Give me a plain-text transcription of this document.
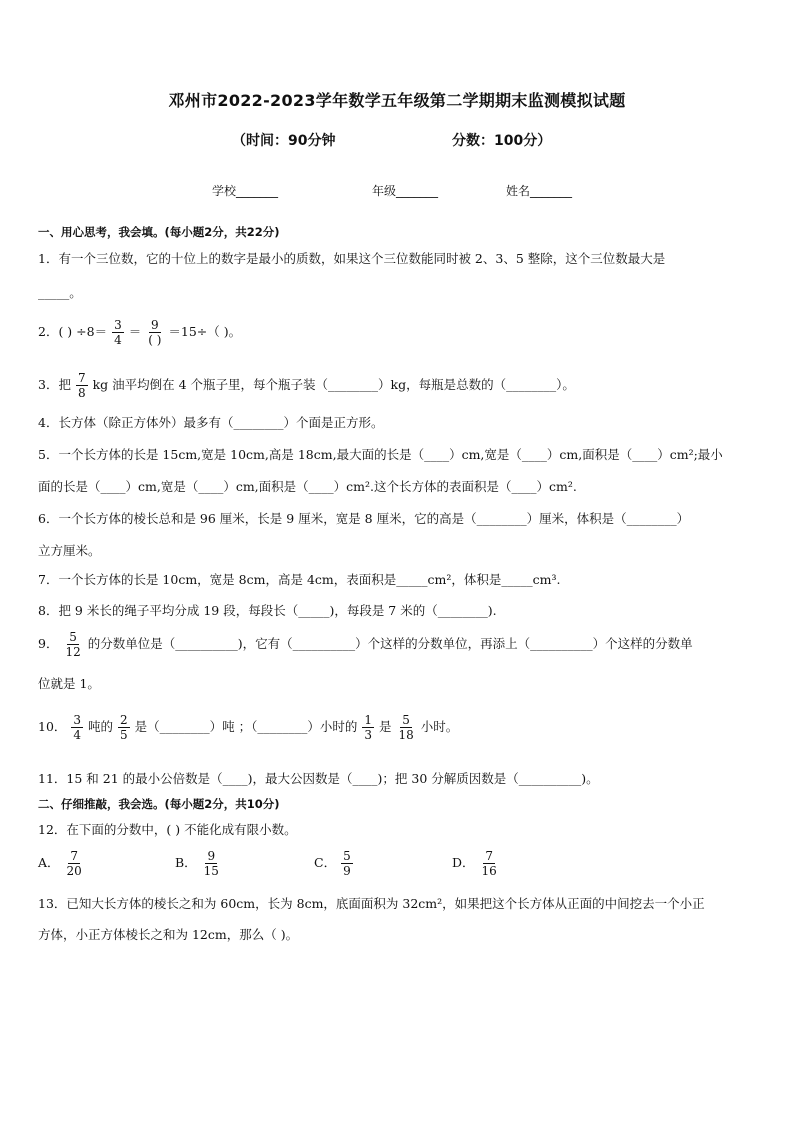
邓州市2022-2023学年数学五年级第二学期期末监测模拟试题
（时间：90分钟	分数：100分）
学校_______	年级_______	姓名_______
一、用心思考，我会填。(每小题2分，共22分)
1．有一个三位数，它的十位上的数字是最小的质数，如果这个三位数能同时被 2、3、5 整除，这个三位数最大是
_____。
2．( ) $\div 8= \frac{3}{4} = \frac{9}{( )} =15\div$（ )。
3．把 $\frac{7}{8}$ kg 油平均倒在 4 个瓶子里，每个瓶子装（________）kg，每瓶是总数的（________）。
4．长方体（除正方体外）最多有（________）个面是正方形。
5．一个长方体的长是 15cm,宽是 10cm,高是 18cm,最大面的长是（____）cm,宽是（____）cm,面积是（____）cm²;最小
面的长是（____）cm,宽是（____）cm,面积是（____）cm².这个长方体的表面积是（____）cm².
6．一个长方体的棱长总和是 96 厘米，长是 9 厘米，宽是 8 厘米，它的高是（________）厘米，体积是（________）
立方厘米。
7．一个长方体的长是 10cm，宽是 8cm，高是 4cm，表面积是_____cm²，体积是_____cm³.
8．把 9 米长的绳子平均分成 19 段，每段长（_____)，每段是 7 米的（________).
9． $\frac{5}{12}$ 的分数单位是（__________)，它有（__________）个这样的分数单位，再添上（__________）个这样的分数单
位就是 1。
10． $\frac{3}{4}$ 吨的 $\frac{2}{5}$ 是（________）吨 ；（________）小时的 $\frac{1}{3}$ 是 $\frac{5}{18}$ 小时。
11．15 和 21 的最小公倍数是（____)，最大公因数是（____)；把 30 分解质因数是（__________)。
二、仔细推敲，我会选。(每小题2分，共10分)
12．在下面的分数中，( ) 不能化成有限小数。
A． $\frac{7}{20}$	B． $\frac{9}{15}$	C． $\frac{5}{9}$	D． $\frac{7}{16}$
13．已知大长方体的棱长之和为 60cm，长为 8cm，底面面积为 32cm²，如果把这个长方体从正面的中间挖去一个小正
方体，小正方体棱长之和为 12cm，那么（ )。
